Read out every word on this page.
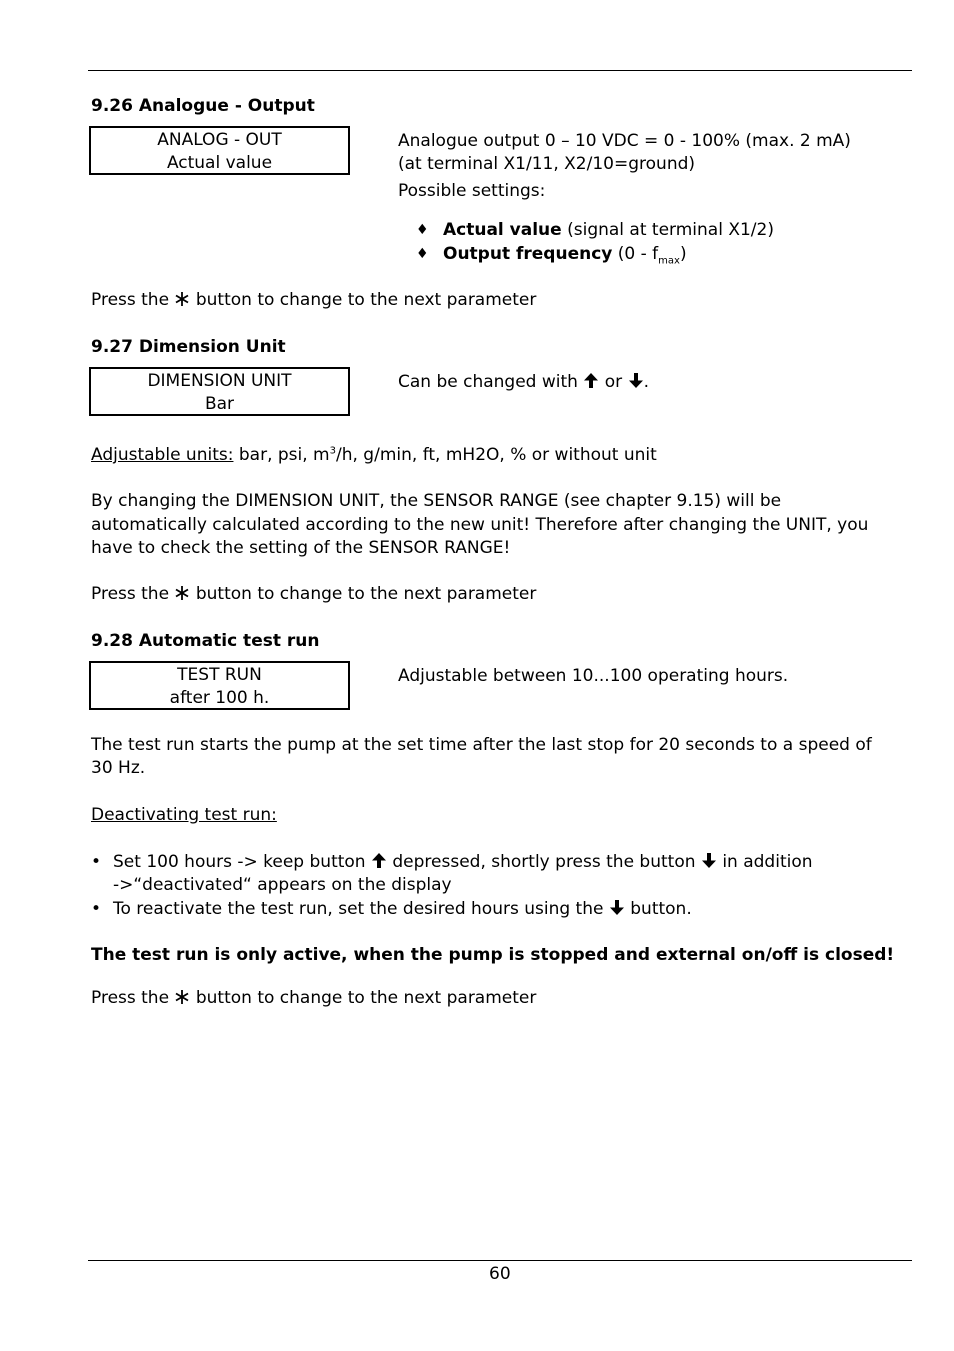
9.26 Analogue - Output
ANALOG - OUT
Actual value
Analogue output 0 – 10 VDC = 0 - 100% (max. 2 mA)
(at terminal X1/11, X2/10=ground)
Possible settings:
♦ Actual value (signal at terminal X1/2)
♦ Output frequency $(0 - f_{max})$
Press the  button to change to the next parameter
9.27 Dimension Unit
DIMENSION UNIT
Bar
Can be changed with  or .
Adjustable units: bar, psi, $m^3/h$, g/min, ft, mH2O, % or without unit
By changing the DIMENSION UNIT, the SENSOR RANGE (see chapter 9.15) will be
automatically calculated according to the new unit! Therefore after changing the UNIT, you
have to check the setting of the SENSOR RANGE!
Press the  button to change to the next parameter
9.28 Automatic test run
TEST RUN
after 100 h.
Adjustable between 10...100 operating hours.
The test run starts the pump at the set time after the last stop for 20 seconds to a speed of
30 Hz.
Deactivating test run:
• Set 100 hours -> keep button  depressed, shortly press the button  in addition
->“deactivated“ appears on the display
• To reactivate the test run, set the desired hours using the  button.
The test run is only active, when the pump is stopped and external on/off is closed!
Press the  button to change to the next parameter
60
